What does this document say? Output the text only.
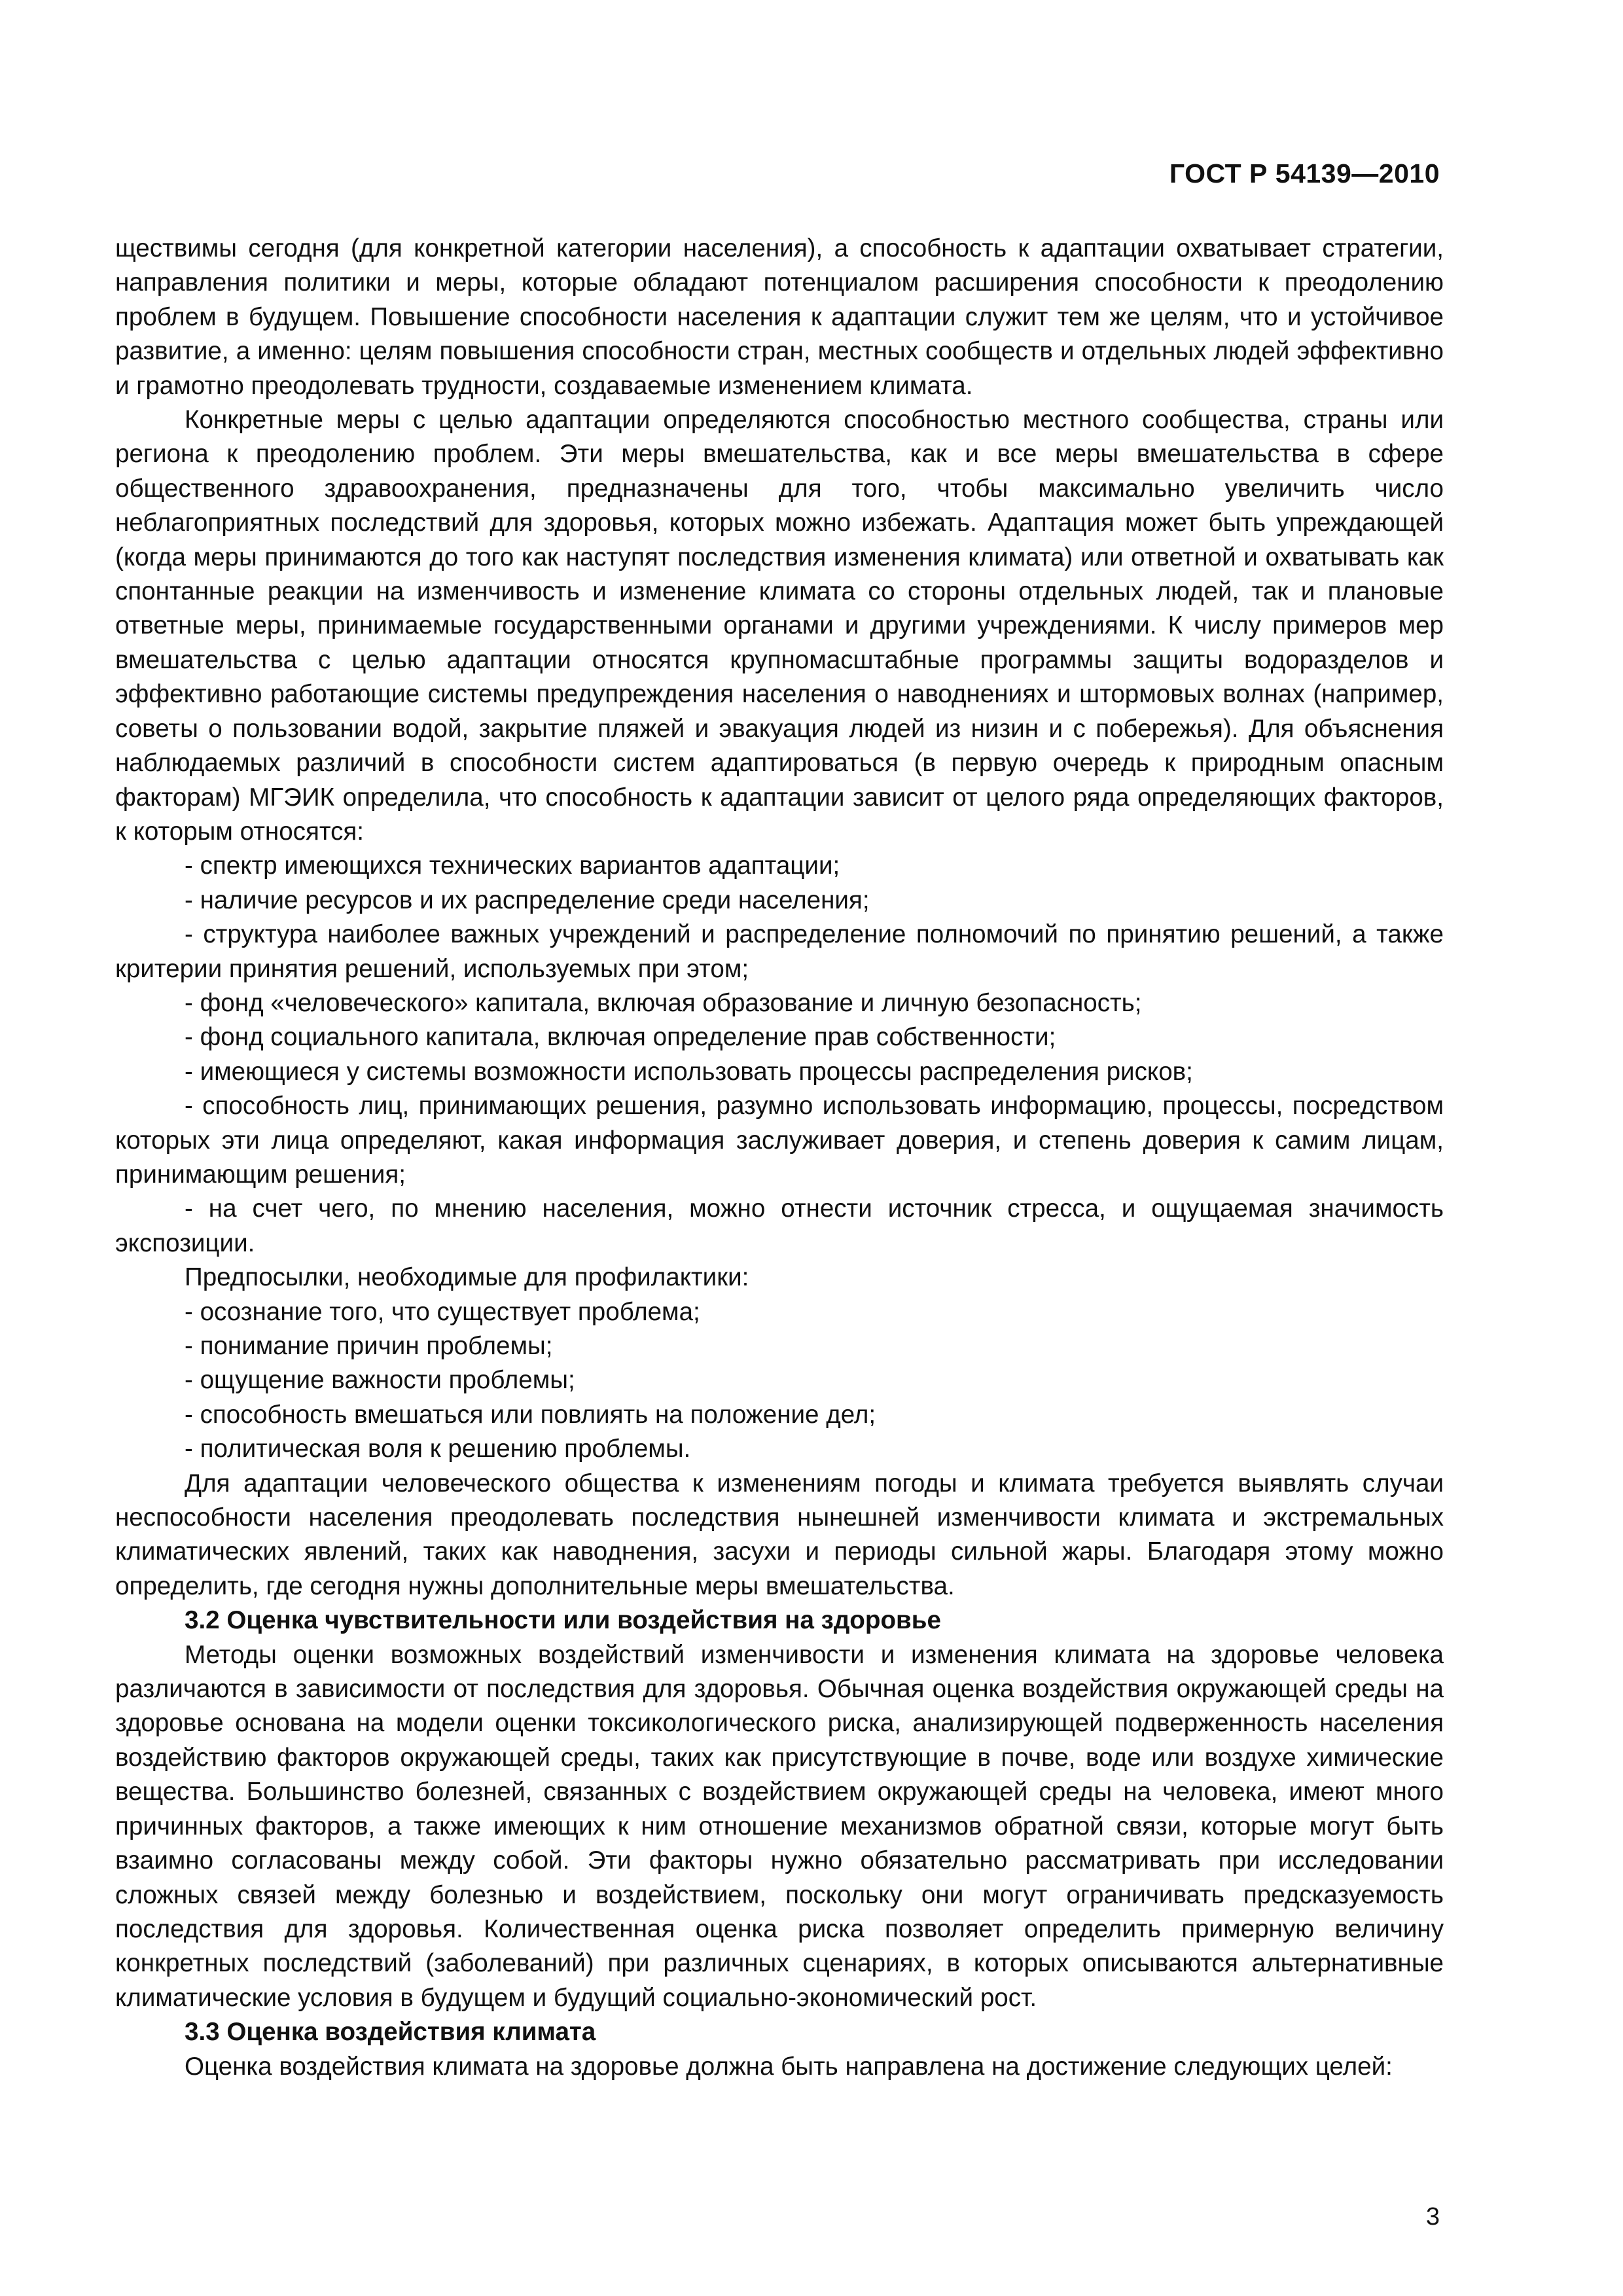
ГОСТ Р 54139—2010

ществимы сегодня (для конкретной категории населения), а способность к адаптации охватывает стратегии, направления политики и меры, которые обладают потенциалом расширения способности к преодолению проблем в будущем. Повышение способности населения к адаптации служит тем же целям, что и устойчивое развитие, а именно: целям повышения способности стран, местных сообществ и отдельных людей эффективно и грамотно преодолевать трудности, создаваемые изменением климата.

Конкретные меры с целью адаптации определяются способностью местного сообщества, страны или региона к преодолению проблем. Эти меры вмешательства, как и все меры вмешательства в сфере общественного здравоохранения, предназначены для того, чтобы максимально увеличить число неблагоприятных последствий для здоровья, которых можно избежать. Адаптация может быть упреждающей (когда меры принимаются до того как наступят последствия изменения климата) или ответной и охватывать как спонтанные реакции на изменчивость и изменение климата со стороны отдельных людей, так и плановые ответные меры, принимаемые государственными органами и другими учреждениями. К числу примеров мер вмешательства с целью адаптации относятся крупномасштабные программы защиты водоразделов и эффективно работающие системы предупреждения населения о наводнениях и штормовых волнах (например, советы о пользовании водой, закрытие пляжей и эвакуация людей из низин и с побережья). Для объяснения наблюдаемых различий в способности систем адаптироваться (в первую очередь к природным опасным факторам) МГЭИК определила, что способность к адаптации зависит от целого ряда определяющих факторов, к которым относятся:

- спектр имеющихся технических вариантов адаптации;

- наличие ресурсов и их распределение среди населения;

- структура наиболее важных учреждений и распределение полномочий по принятию решений, а также критерии принятия решений, используемых при этом;

- фонд «человеческого» капитала, включая образование и личную безопасность;

- фонд социального капитала, включая определение прав собственности;

- имеющиеся у системы возможности использовать процессы распределения рисков;

- способность лиц, принимающих решения, разумно использовать информацию, процессы, посредством которых эти лица определяют, какая информация заслуживает доверия, и степень доверия к самим лицам, принимающим решения;

- на счет чего, по мнению населения, можно отнести источник стресса, и ощущаемая значимость экспозиции.

Предпосылки, необходимые для профилактики:

- осознание того, что существует проблема;

- понимание причин проблемы;

- ощущение важности проблемы;

- способность вмешаться или повлиять на положение дел;

- политическая воля к решению проблемы.

Для адаптации человеческого общества к изменениям погоды и климата требуется выявлять случаи неспособности населения преодолевать последствия нынешней изменчивости климата и экстремальных климатических явлений, таких как наводнения, засухи и периоды сильной жары. Благодаря этому можно определить, где сегодня нужны дополнительные меры вмешательства.

3.2 Оценка чувствительности или воздействия на здоровье

Методы оценки возможных воздействий изменчивости и изменения климата на здоровье человека различаются в зависимости от последствия для здоровья. Обычная оценка воздействия окружающей среды на здоровье основана на модели оценки токсикологического риска, анализирующей подверженность населения воздействию факторов окружающей среды, таких как присутствующие в почве, воде или воздухе химические вещества. Большинство болезней, связанных с воздействием окружающей среды на человека, имеют много причинных факторов, а также имеющих к ним отношение механизмов обратной связи, которые могут быть взаимно согласованы между собой. Эти факторы нужно обязательно рассматривать при исследовании сложных связей между болезнью и воздействием, поскольку они могут ограничивать предсказуемость последствия для здоровья. Количественная оценка риска позволяет определить примерную величину конкретных последствий (заболеваний) при различных сценариях, в которых описываются альтернативные климатические условия в будущем и будущий социально-экономический рост.

3.3 Оценка воздействия климата

Оценка воздействия климата на здоровье должна быть направлена на достижение следующих целей:

3
